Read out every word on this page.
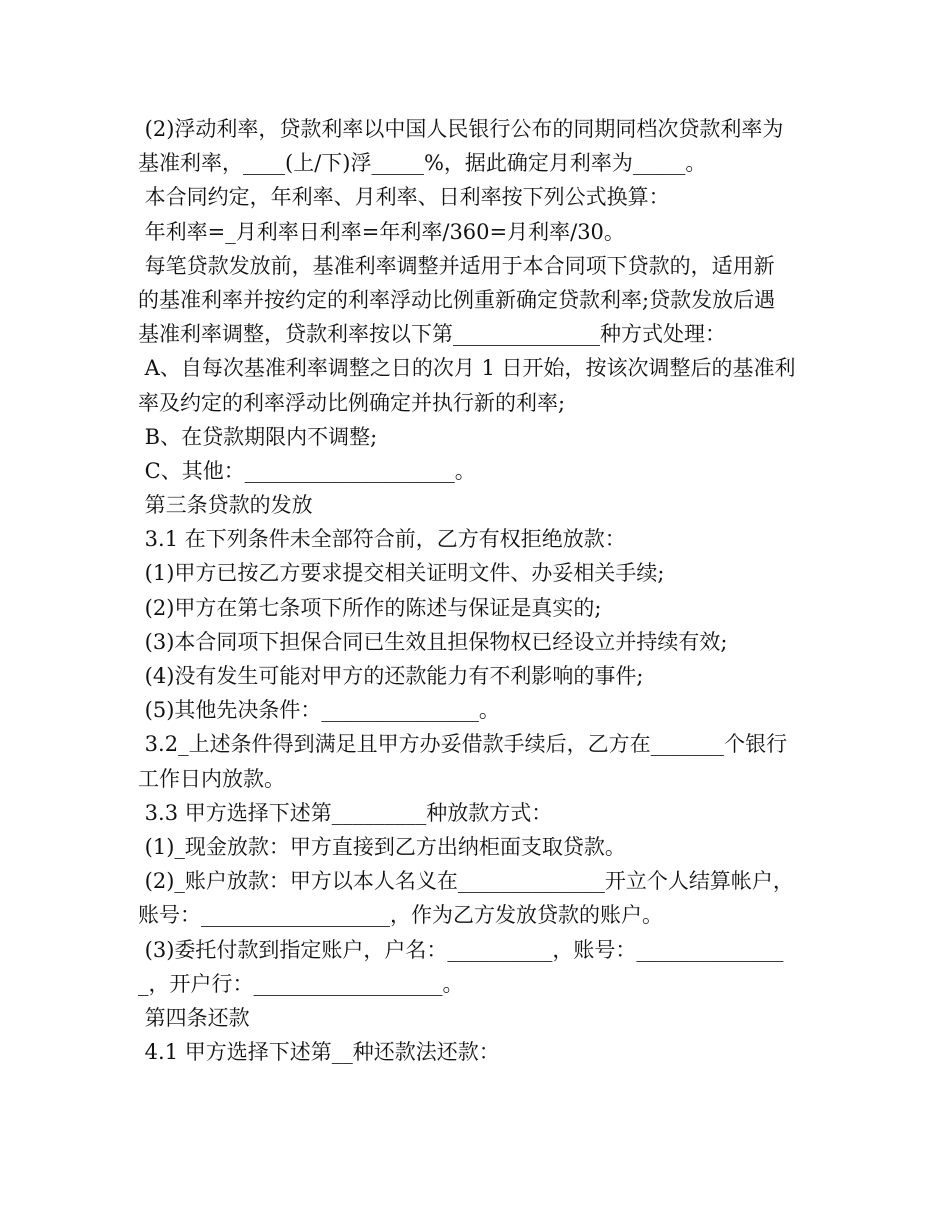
(2)浮动利率，贷款利率以中国人民银行公布的同期同档次贷款利率为
基准利率，____(上/下)浮_____%，据此确定月利率为_____。
本合同约定，年利率、月利率、日利率按下列公式换算：
年利率=_月利率日利率=年利率/360=月利率/30。
每笔贷款发放前，基准利率调整并适用于本合同项下贷款的，适用新
的基准利率并按约定的利率浮动比例重新确定贷款利率;贷款发放后遇
基准利率调整，贷款利率按以下第______________种方式处理：
A、自每次基准利率调整之日的次月 1 日开始，按该次调整后的基准利
率及约定的利率浮动比例确定并执行新的利率;
B、在贷款期限内不调整;
C、其他：____________________。
第三条贷款的发放
3.1 在下列条件未全部符合前，乙方有权拒绝放款：
(1)甲方已按乙方要求提交相关证明文件、办妥相关手续;
(2)甲方在第七条项下所作的陈述与保证是真实的;
(3)本合同项下担保合同已生效且担保物权已经设立并持续有效;
(4)没有发生可能对甲方的还款能力有不利影响的事件;
(5)其他先决条件：_______________。
3.2_上述条件得到满足且甲方办妥借款手续后，乙方在_______个银行
工作日内放款。
3.3 甲方选择下述第_________种放款方式：
(1)_现金放款：甲方直接到乙方出纳柜面支取贷款。
(2)_账户放款：甲方以本人名义在______________开立个人结算帐户，
账号：__________________，作为乙方发放贷款的账户。
(3)委托付款到指定账户，户名：__________，账号：______________
_，开户行：__________________。
第四条还款
4.1 甲方选择下述第__种还款法还款：
